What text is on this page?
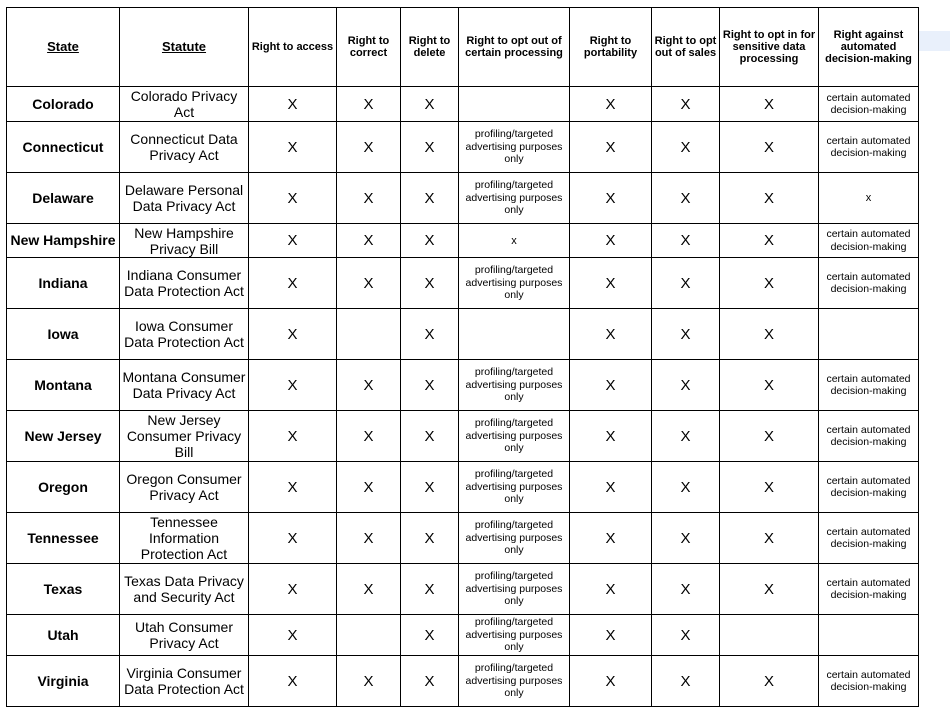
State	Statute	Right to access	Right to correct	Right to delete	Right to opt out of certain processing	Right to portability	Right to opt out of sales	Right to opt in for sensitive data processing	Right against automated decision-making
Colorado	Colorado Privacy Act	X	X	X		X	X	X	certain automated decision-making
Connecticut	Connecticut Data Privacy Act	X	X	X	profiling/targeted advertising purposes only	X	X	X	certain automated decision-making
Delaware	Delaware Personal Data Privacy Act	X	X	X	profiling/targeted advertising purposes only	X	X	X	x
New Hampshire	New Hampshire Privacy Bill	X	X	X	x	X	X	X	certain automated decision-making
Indiana	Indiana Consumer Data Protection Act	X	X	X	profiling/targeted advertising purposes only	X	X	X	certain automated decision-making
Iowa	Iowa Consumer Data Protection Act	X		X		X	X	X	
Montana	Montana Consumer Data Privacy Act	X	X	X	profiling/targeted advertising purposes only	X	X	X	certain automated decision-making
New Jersey	New Jersey Consumer Privacy Bill	X	X	X	profiling/targeted advertising purposes only	X	X	X	certain automated decision-making
Oregon	Oregon Consumer Privacy Act	X	X	X	profiling/targeted advertising purposes only	X	X	X	certain automated decision-making
Tennessee	Tennessee Information Protection Act	X	X	X	profiling/targeted advertising purposes only	X	X	X	certain automated decision-making
Texas	Texas Data Privacy and Security Act	X	X	X	profiling/targeted advertising purposes only	X	X	X	certain automated decision-making
Utah	Utah Consumer Privacy Act	X		X	profiling/targeted advertising purposes only	X	X		
Virginia	Virginia Consumer Data Protection Act	X	X	X	profiling/targeted advertising purposes only	X	X	X	certain automated decision-making
